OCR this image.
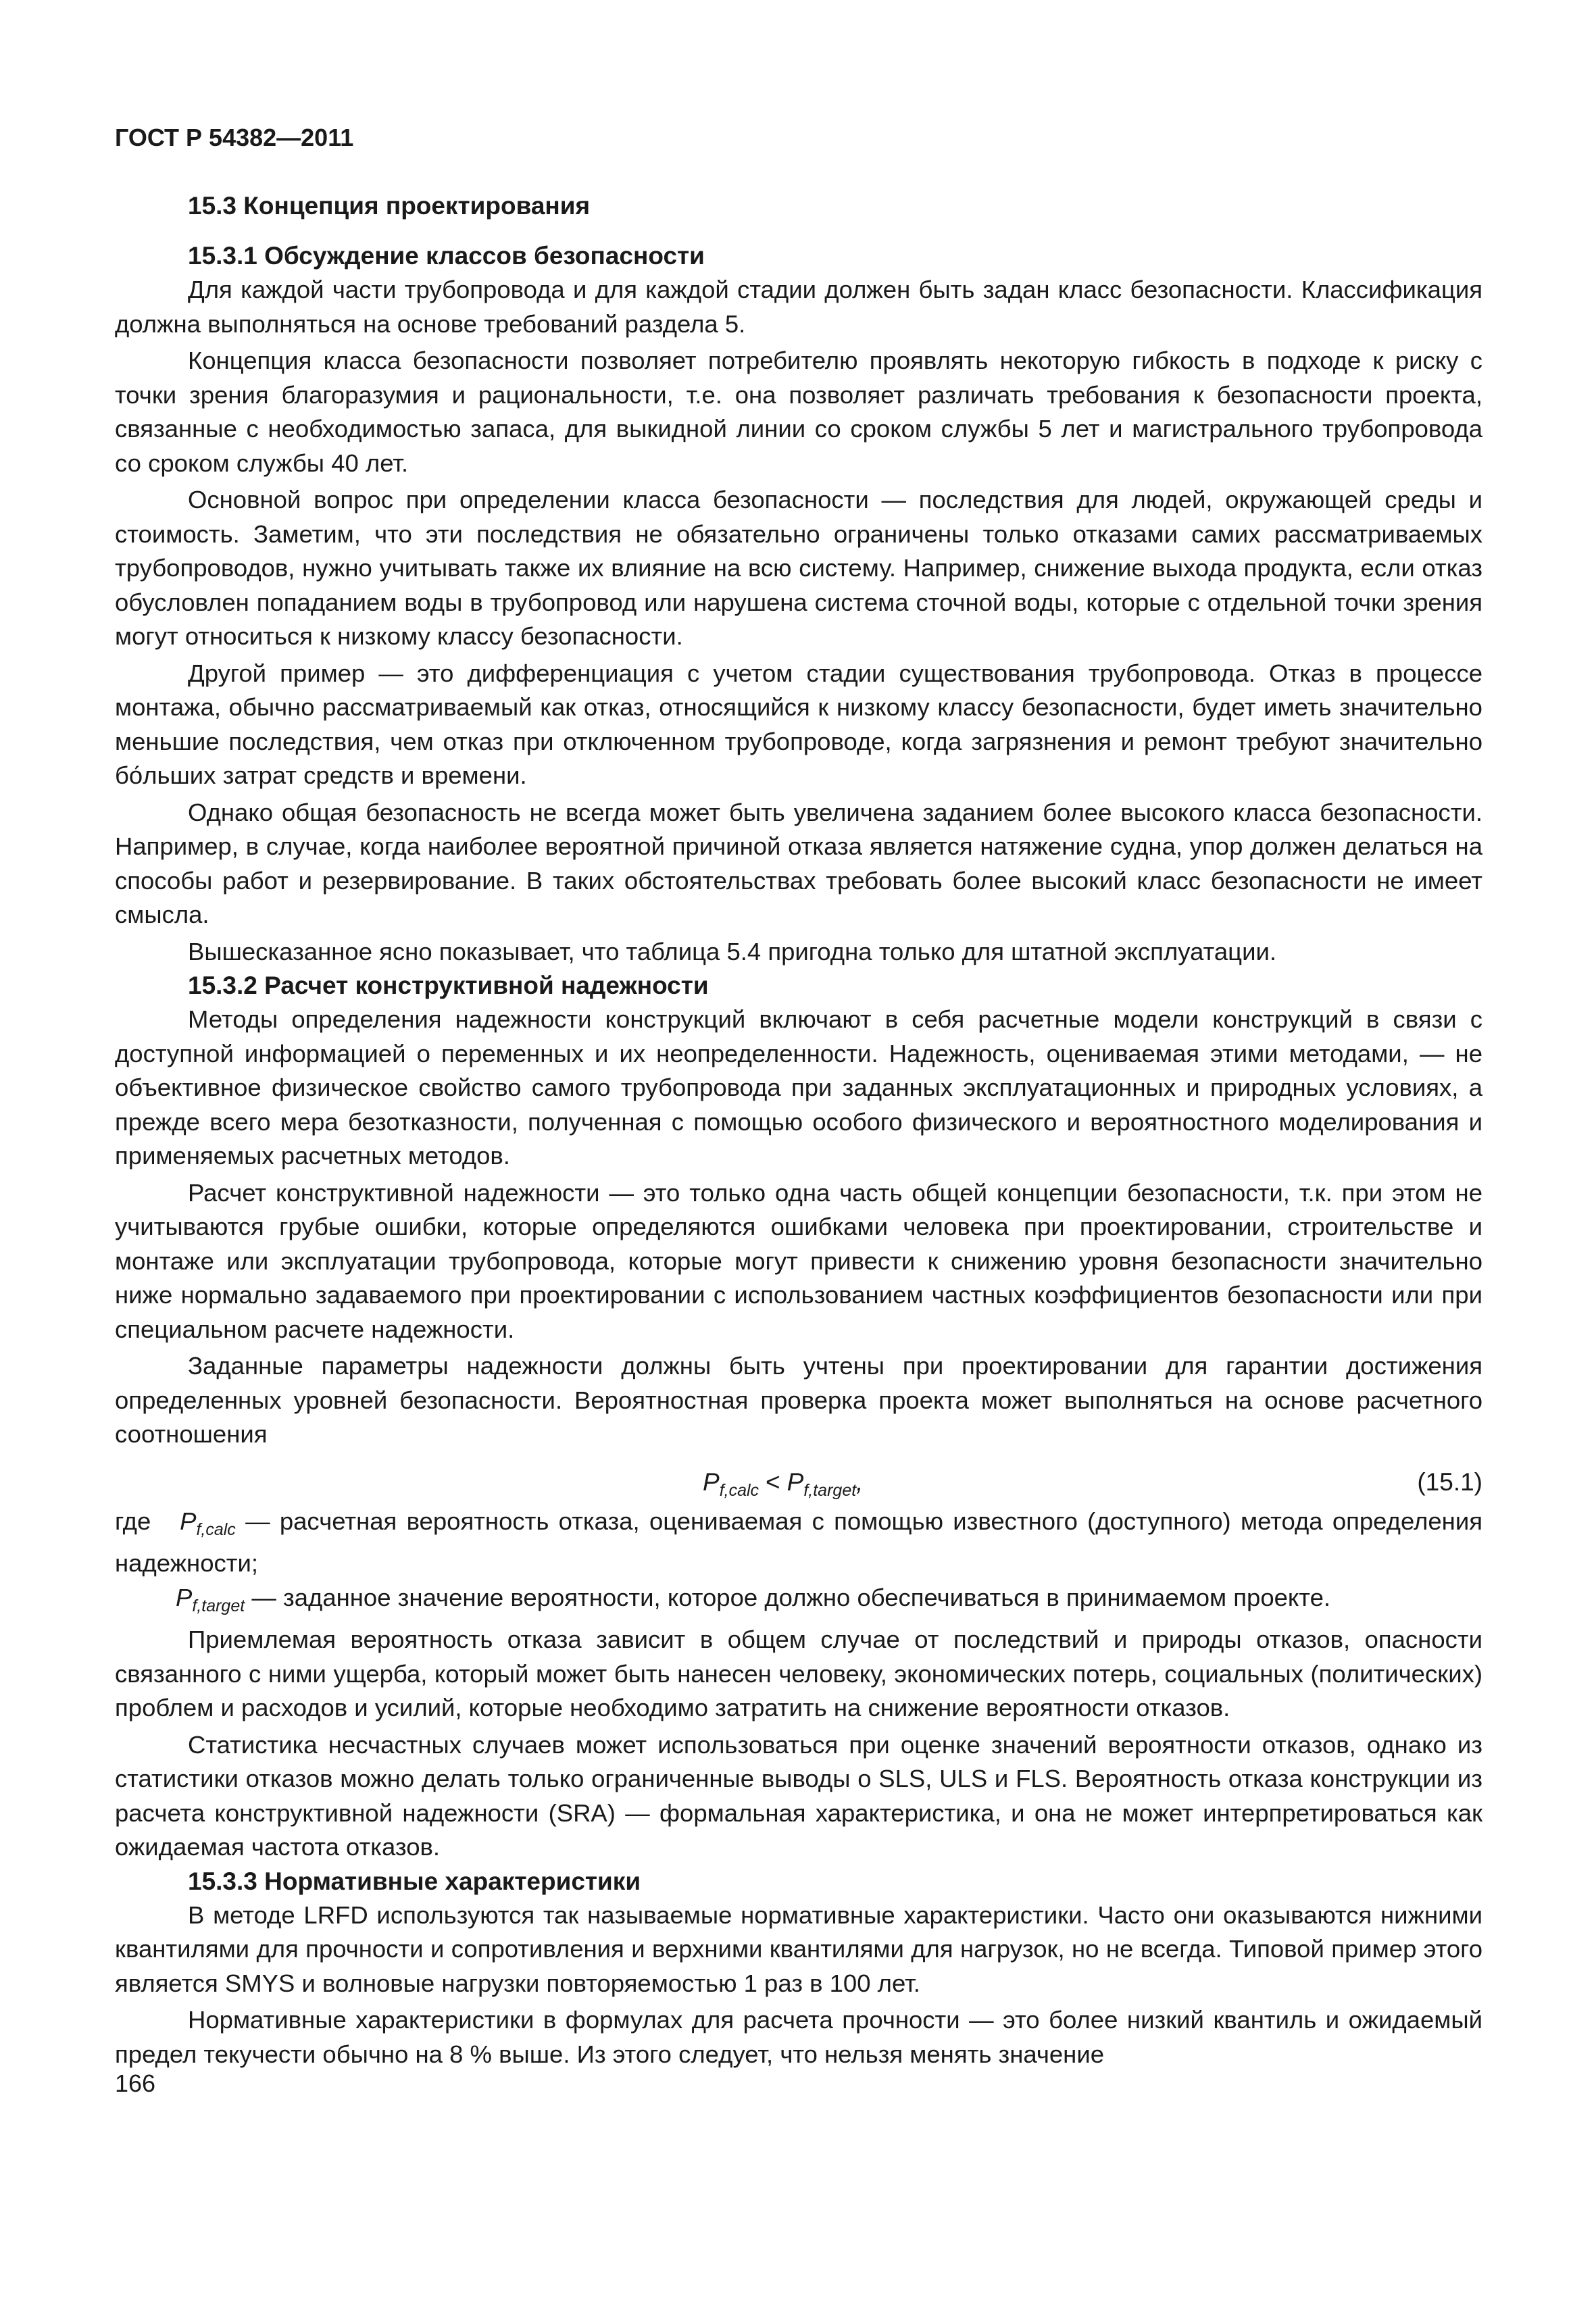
ГОСТ Р 54382—2011
15.3 Концепция проектирования
15.3.1 Обсуждение классов безопасности

Для каждой части трубопровода и для каждой стадии должен быть задан класс безопасности. Классификация должна выполняться на основе требований раздела 5.

Концепция класса безопасности позволяет потребителю проявлять некоторую гибкость в подходе к риску с точки зрения благоразумия и рациональности, т.е. она позволяет различать требования к безопасности проекта, связанные с необходимостью запаса, для выкидной линии со сроком службы 5 лет и магистрального трубопровода со сроком службы 40 лет.

Основной вопрос при определении класса безопасности — последствия для людей, окружающей среды и стоимость. Заметим, что эти последствия не обязательно ограничены только отказами самих рассматриваемых трубопроводов, нужно учитывать также их влияние на всю систему. Например, снижение выхода продукта, если отказ обусловлен попаданием воды в трубопровод или нарушена система сточной воды, которые с отдельной точки зрения могут относиться к низкому классу безопасности.

Другой пример — это дифференциация с учетом стадии существования трубопровода. Отказ в процессе монтажа, обычно рассматриваемый как отказ, относящийся к низкому классу безопасности, будет иметь значительно меньшие последствия, чем отказ при отключенном трубопроводе, когда загрязнения и ремонт требуют значительно бо́льших затрат средств и времени.

Однако общая безопасность не всегда может быть увеличена заданием более высокого класса безопасности. Например, в случае, когда наиболее вероятной причиной отказа является натяжение судна, упор должен делаться на способы работ и резервирование. В таких обстоятельствах требовать более высокий класс безопасности не имеет смысла.

Вышесказанное ясно показывает, что таблица 5.4 пригодна только для штатной эксплуатации.

15.3.2 Расчет конструктивной надежности

Методы определения надежности конструкций включают в себя расчетные модели конструкций в связи с доступной информацией о переменных и их неопределенности. Надежность, оцениваемая этими методами, — не объективное физическое свойство самого трубопровода при заданных эксплуатационных и природных условиях, а прежде всего мера безотказности, полученная с помощью особого физического и вероятностного моделирования и применяемых расчетных методов.

Расчет конструктивной надежности — это только одна часть общей концепции безопасности, т.к. при этом не учитываются грубые ошибки, которые определяются ошибками человека при проектировании, строительстве и монтаже или эксплуатации трубопровода, которые могут привести к снижению уровня безопасности значительно ниже нормально задаваемого при проектировании с использованием частных коэффициентов безопасности или при специальном расчете надежности.

Заданные параметры надежности должны быть учтены при проектировании для гарантии достижения определенных уровней безопасности. Вероятностная проверка проекта может выполняться на основе расчетного соотношения

$P_{f,calc} < P_{f,target}$,	(15.1)

где $P_{f,calc}$ — расчетная вероятность отказа, оцениваемая с помощью известного (доступного) метода определения надежности;

$P_{f,target}$ — заданное значение вероятности, которое должно обеспечиваться в принимаемом проекте.

Приемлемая вероятность отказа зависит в общем случае от последствий и природы отказов, опасности связанного с ними ущерба, который может быть нанесен человеку, экономических потерь, социальных (политических) проблем и расходов и усилий, которые необходимо затратить на снижение вероятности отказов.

Статистика несчастных случаев может использоваться при оценке значений вероятности отказов, однако из статистики отказов можно делать только ограниченные выводы о SLS, ULS и FLS. Вероятность отказа конструкции из расчета конструктивной надежности (SRA) — формальная характеристика, и она не может интерпретироваться как ожидаемая частота отказов.

15.3.3 Нормативные характеристики

В методе LRFD используются так называемые нормативные характеристики. Часто они оказываются нижними квантилями для прочности и сопротивления и верхними квантилями для нагрузок, но не всегда. Типовой пример этого является SMYS и волновые нагрузки повторяемостью 1 раз в 100 лет.

Нормативные характеристики в формулах для расчета прочности — это более низкий квантиль и ожидаемый предел текучести обычно на 8 % выше. Из этого следует, что нельзя менять значение

166
